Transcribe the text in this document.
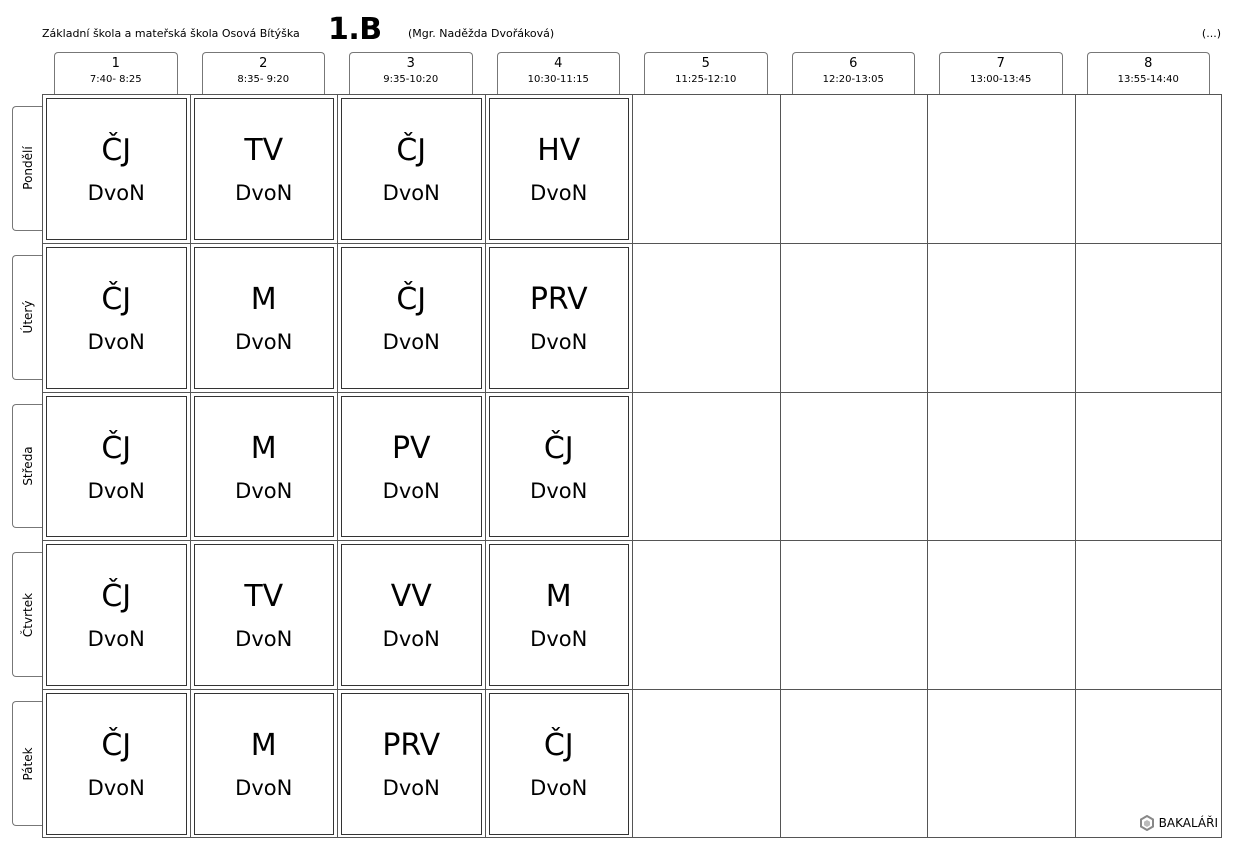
Základní škola a mateřská škola Osová Bítýška 1.B (Mgr. Naděžda Dvořáková)	(...)
1
7:40- 8:25
2
8:35- 9:20
3
9:35-10:20
4
10:30-11:15
5
11:25-12:10
6
12:20-13:05
7
13:00-13:45
8
13:55-14:40
Pondělí
Úterý
Středa
Čtvrtek
Pátek
ČJ
DvoN
TV
DvoN
ČJ
DvoN
HV
DvoN
ČJ
DvoN
M
DvoN
ČJ
DvoN
PRV
DvoN
ČJ
DvoN
M
DvoN
PV
DvoN
ČJ
DvoN
ČJ
DvoN
TV
DvoN
VV
DvoN
M
DvoN
ČJ
DvoN
M
DvoN
PRV
DvoN
ČJ
DvoN
BAKALÁŘI
